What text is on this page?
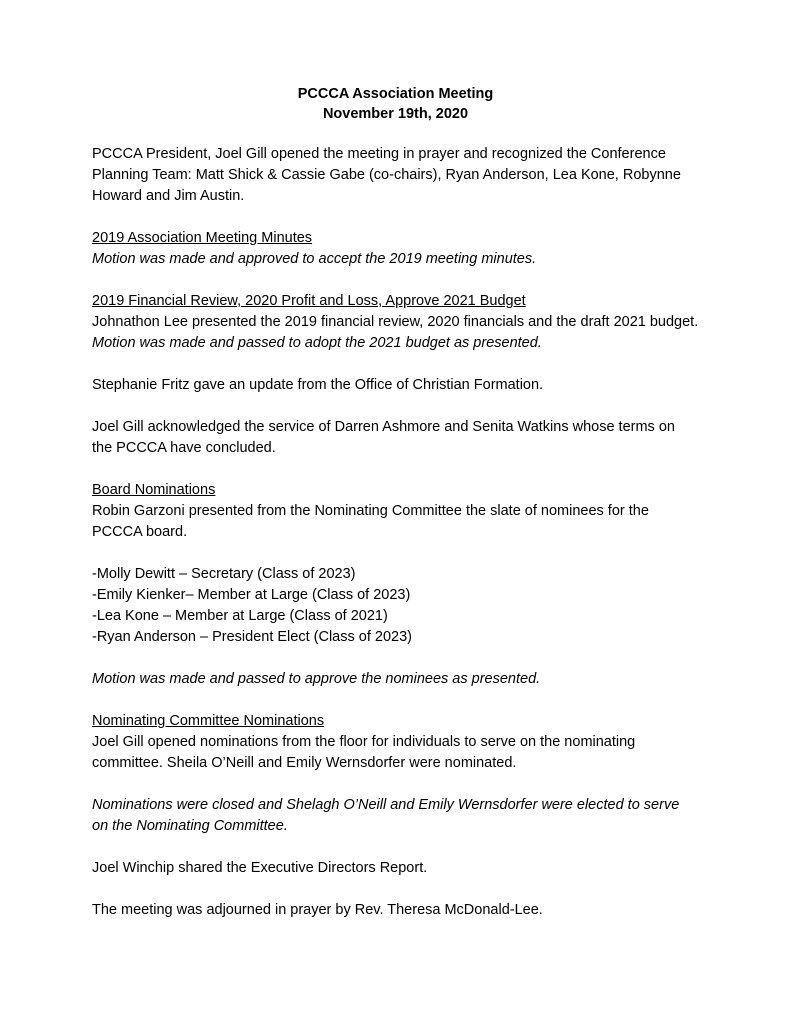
PCCCA Association Meeting
November 19th, 2020

PCCCA President, Joel Gill opened the meeting in prayer and recognized the Conference Planning Team: Matt Shick & Cassie Gabe (co-chairs), Ryan Anderson, Lea Kone, Robynne Howard and Jim Austin.

2019 Association Meeting Minutes

Motion was made and approved to accept the 2019 meeting minutes.

2019 Financial Review, 2020 Profit and Loss, Approve 2021 Budget

Johnathon Lee presented the 2019 financial review, 2020 financials and the draft 2021 budget.

Motion was made and passed to adopt the 2021 budget as presented.

Stephanie Fritz gave an update from the Office of Christian Formation.

Joel Gill acknowledged the service of Darren Ashmore and Senita Watkins whose terms on the PCCCA have concluded.

Board Nominations

Robin Garzoni presented from the Nominating Committee the slate of nominees for the PCCCA board.

-Molly Dewitt – Secretary (Class of 2023)

-Emily Kienker– Member at Large (Class of 2023)

-Lea Kone – Member at Large (Class of 2021)

-Ryan Anderson – President Elect (Class of 2023)

Motion was made and passed to approve the nominees as presented.

Nominating Committee Nominations

Joel Gill opened nominations from the floor for individuals to serve on the nominating committee. Sheila O’Neill and Emily Wernsdorfer were nominated.

Nominations were closed and Shelagh O’Neill and Emily Wernsdorfer were elected to serve on the Nominating Committee.

Joel Winchip shared the Executive Directors Report.

The meeting was adjourned in prayer by Rev. Theresa McDonald-Lee.
